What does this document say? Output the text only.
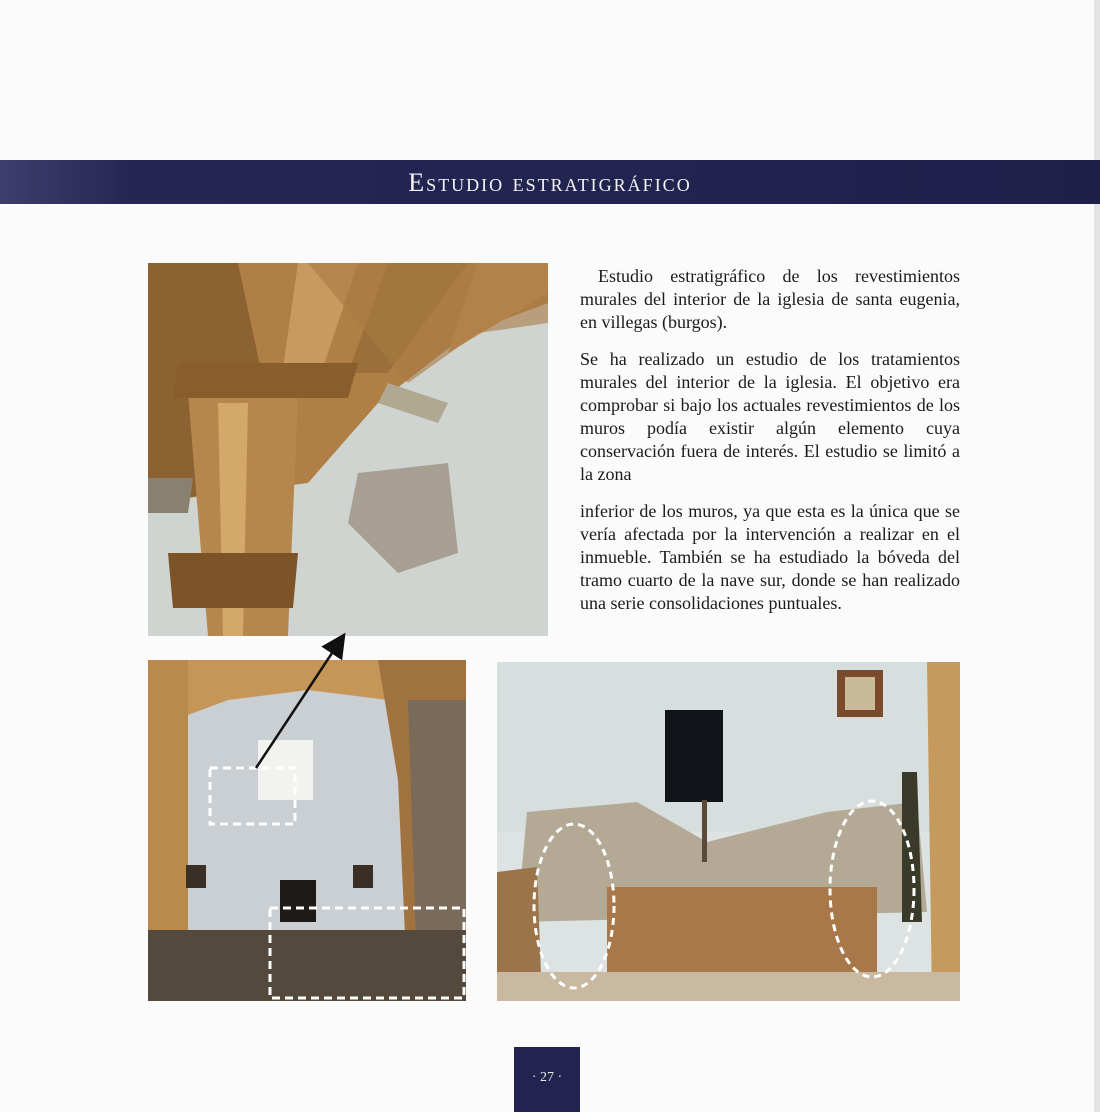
Estudio estratigráfico

Estudio estratigráfico de los revestimientos murales del interior de la iglesia de santa eugenia, en villegas (burgos).

Se ha realizado un estudio de los tratamientos murales del interior de la iglesia. El objetivo era comprobar si bajo los actuales revestimientos de los muros podía existir algún elemento cuya conservación fuera de interés. El estudio se limitó a la zona

inferior de los muros, ya que esta es la única que se vería afectada por la intervención a realizar en el inmueble. También se ha estudiado la bóveda del tramo cuarto de la nave sur, donde se han realizado una serie consolidaciones puntuales.

· 27 ·
